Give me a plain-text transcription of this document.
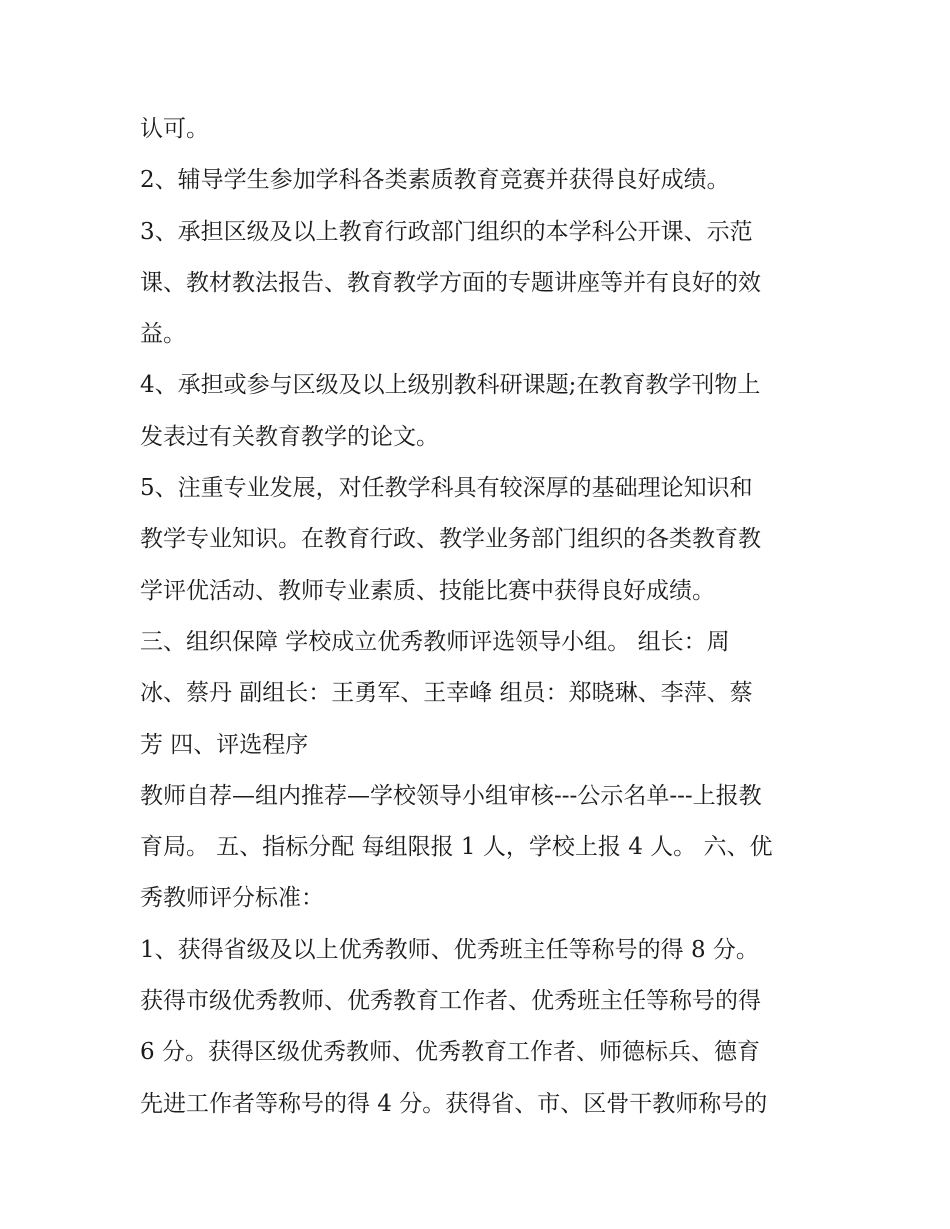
认可。
2、辅导学生参加学科各类素质教育竞赛并获得良好成绩。
3、承担区级及以上教育行政部门组织的本学科公开课、示范
课、教材教法报告、教育教学方面的专题讲座等并有良好的效
益。
4、承担或参与区级及以上级别教科研课题;在教育教学刊物上
发表过有关教育教学的论文。
5、注重专业发展，对任教学科具有较深厚的基础理论知识和
教学专业知识。在教育行政、教学业务部门组织的各类教育教
学评优活动、教师专业素质、技能比赛中获得良好成绩。
三、组织保障 学校成立优秀教师评选领导小组。 组长：周
冰、蔡丹 副组长：王勇军、王幸峰 组员：郑晓琳、李萍、蔡
芳 四、评选程序
教师自荐—组内推荐—学校领导小组审核---公示名单---上报教
育局。 五、指标分配 每组限报 1 人，学校上报 4 人。 六、优
秀教师评分标准：
1、获得省级及以上优秀教师、优秀班主任等称号的得 8 分。
获得市级优秀教师、优秀教育工作者、优秀班主任等称号的得
6 分。获得区级优秀教师、优秀教育工作者、师德标兵、德育
先进工作者等称号的得 4 分。获得省、市、区骨干教师称号的
